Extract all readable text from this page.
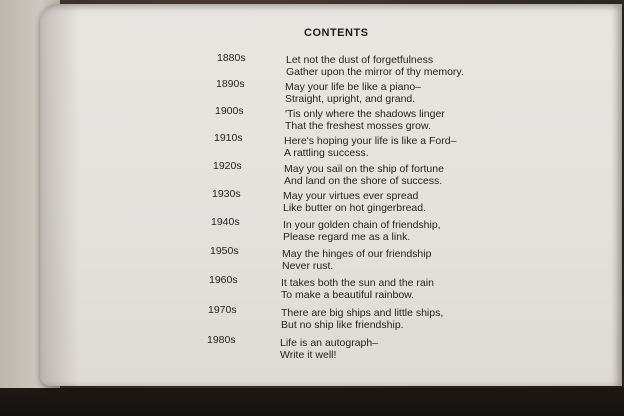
CONTENTS
1880s	Let not the dust of forgetfulness
Gather upon the mirror of thy memory.
1890s	May your life be like a piano–
Straight, upright, and grand.
1900s	'Tis only where the shadows linger
That the freshest mosses grow.
1910s	Here's hoping your life is like a Ford–
A rattling success.
1920s	May you sail on the ship of fortune
And land on the shore of success.
1930s	May your virtues ever spread
Like butter on hot gingerbread.
1940s	In your golden chain of friendship,
Please regard me as a link.
1950s	May the hinges of our friendship
Never rust.
1960s	It takes both the sun and the rain
To make a beautiful rainbow.
1970s	There are big ships and little ships,
But no ship like friendship.
1980s	Life is an autograph–
Write it well!
